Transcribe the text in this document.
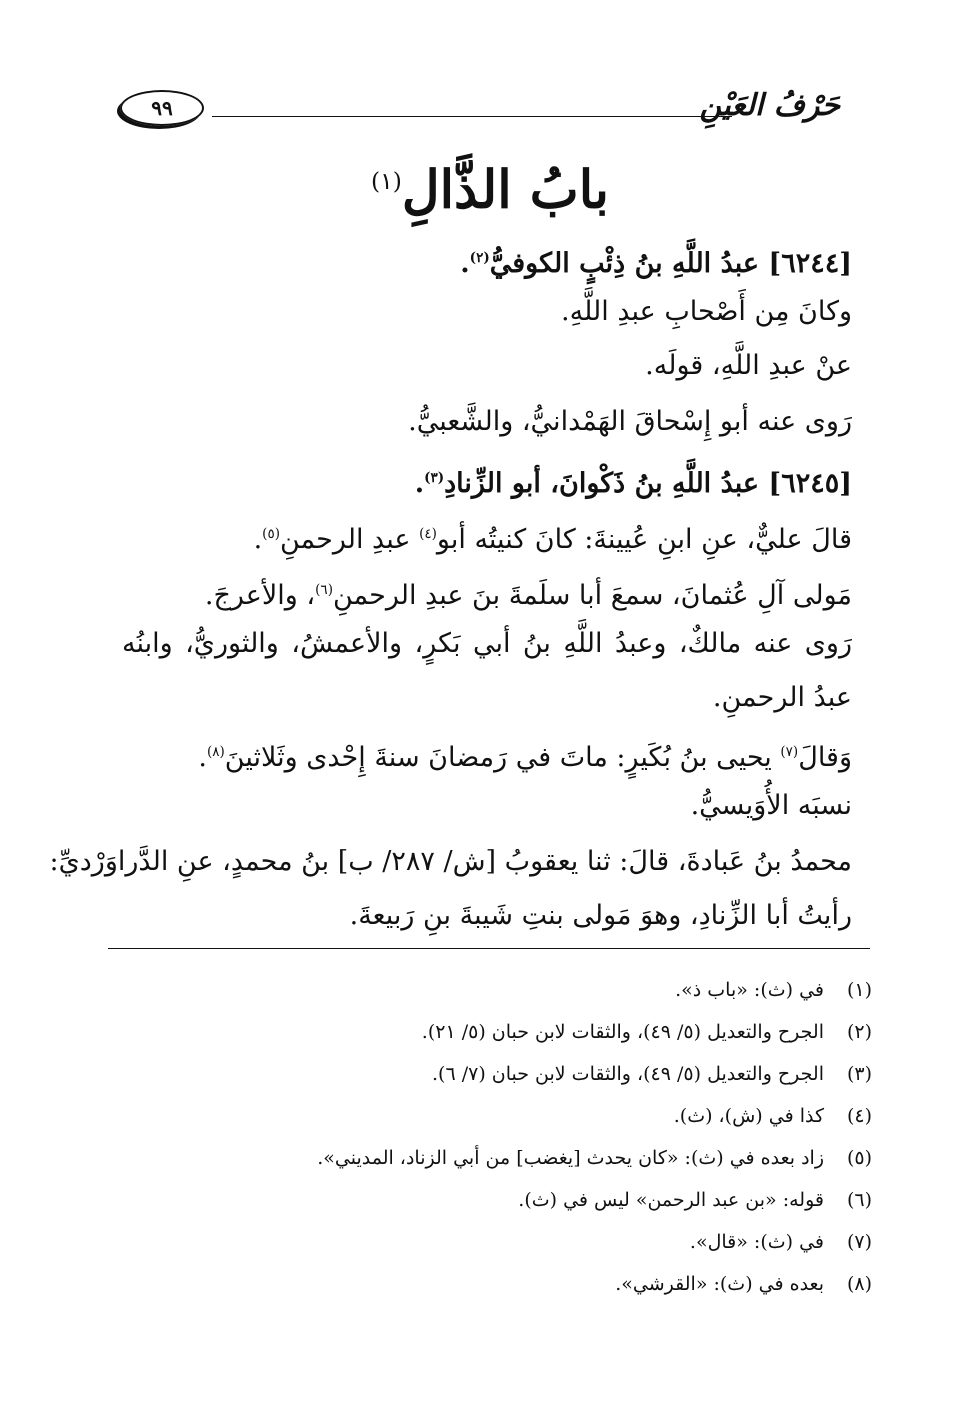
حَرْفُ العَيْنِ
٩٩
بابُ الذَّالِ$^{(١)}$
[٦٢٤٤] عبدُ اللَّهِ بنُ ذِئْبٍ الكوفيُّ$^{(٢)}$.
وكانَ مِن أَصْحابِ عبدِ اللَّهِ.
عنْ عبدِ اللَّهِ، قولَه.
رَوى عنه أبو إِسْحاقَ الهَمْدانيُّ، والشَّعبيُّ.
[٦٢٤٥] عبدُ اللَّهِ بنُ ذَكْوانَ، أبو الزِّنادِ$^{(٣)}$.
قالَ عليٌّ، عنِ ابنِ عُيينةَ: كانَ كنيتُه أبو$^{(٤)}$ عبدِ الرحمنِ$^{(٥)}$.
مَولى آلِ عُثمانَ، سمعَ أبا سلَمةَ بنَ عبدِ الرحمنِ$^{(٦)}$، والأعرجَ.
رَوى عنه مالكٌ، وعبدُ اللَّهِ بنُ أبي بَكرٍ، والأعمشُ، والثوريُّ، وابنُه
عبدُ الرحمنِ.
وَقالَ$^{(٧)}$ يحيى بنُ بُكَيرٍ: ماتَ في رَمضانَ سنةَ إِحْدى وثَلاثينَ$^{(٨)}$.
نسبَه الأُوَيسيُّ.
محمدُ بنُ عَبادةَ، قالَ: ثنا يعقوبُ [ش/ ٢٨٧/ ب] بنُ محمدٍ، عنِ الدَّراوَرْديِّ:
رأيتُ أبا الزِّنادِ، وهوَ مَولى بنتِ شَيبةَ بنِ رَبيعةَ.
(١)في (ث): «باب ذ».
(٢)الجرح والتعديل (٥/ ٤٩)، والثقات لابن حبان (٥/ ٢١).
(٣)الجرح والتعديل (٥/ ٤٩)، والثقات لابن حبان (٧/ ٦).
(٤)كذا في (ش)، (ث).
(٥)زاد بعده في (ث): «كان يحدث [يغضب] من أبي الزناد، المديني».
(٦)قوله: «بن عبد الرحمن» ليس في (ث).
(٧)في (ث): «قال».
(٨)بعده في (ث): «القرشي».
